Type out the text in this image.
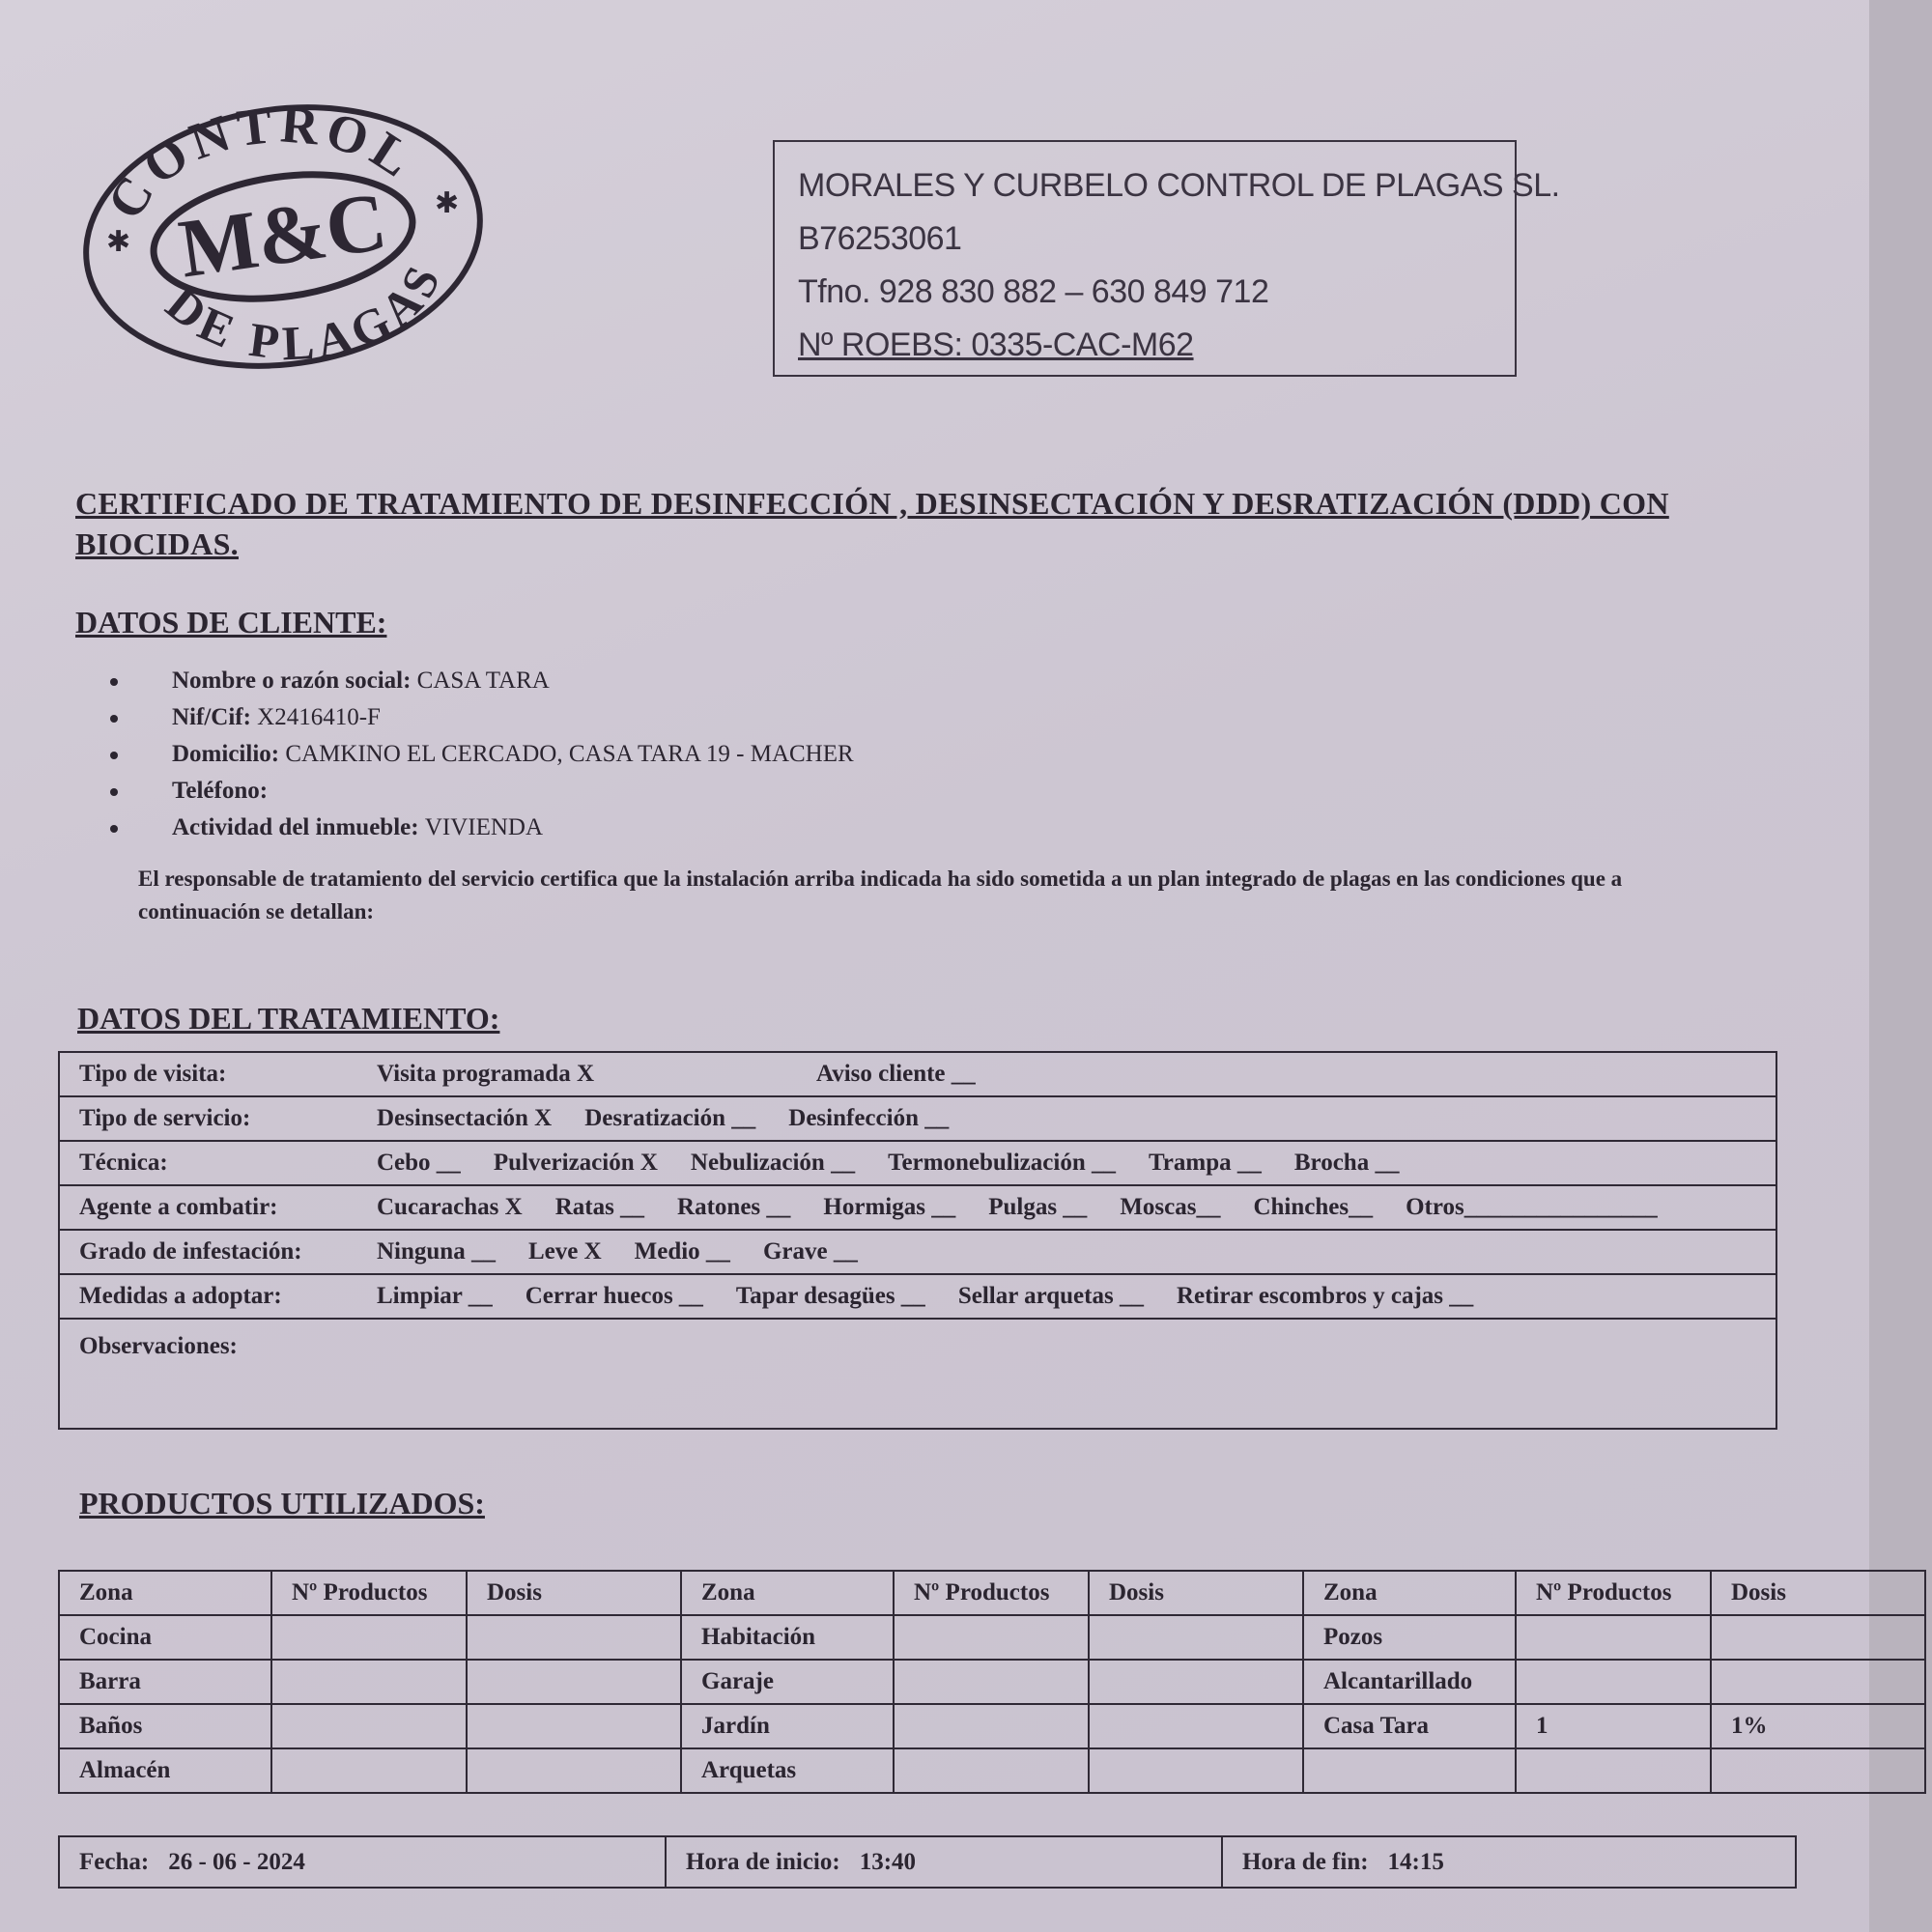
CONTROL
DE PLAGAS
M&C
✱
✱	MORALES Y CURBELO CONTROL DE PLAGAS SL.
B76253061
Tfno. 928 830 882 – 630 849 712
Nº ROEBS: 0335-CAC-M62
CERTIFICADO DE TRATAMIENTO DE DESINFECCIÓN , DESINSECTACIÓN Y DESRATIZACIÓN (DDD) CON BIOCIDAS.
DATOS DE CLIENTE:
Nombre o razón social: CASA TARA
Nif/Cif: X2416410-F
Domicilio: CAMKINO EL CERCADO, CASA TARA 19 - MACHER
Teléfono:
Actividad del inmueble: VIVIENDA
El responsable de tratamiento del servicio certifica que la instalación arriba indicada ha sido sometida a un plan integrado de plagas en las condiciones que a continuación se detallan:
DATOS DEL TRATAMIENTO:
Tipo de visita:	Visita programada X	Aviso cliente __
Tipo de servicio:	Desinsectación X Desratización __ Desinfección __
Técnica:	Cebo __ Pulverización X Nebulización __ Termonebulización __ Trampa __ Brocha __
Agente a combatir:	Cucarachas X Ratas __ Ratones __ Hormigas __ Pulgas __ Moscas__ Chinches__ Otros________________
Grado de infestación:	Ninguna __ Leve X Medio __ Grave __
Medidas a adoptar:	Limpiar __ Cerrar huecos __ Tapar desagües __ Sellar arquetas __ Retirar escombros y cajas __
Observaciones:
PRODUCTOS UTILIZADOS:
Zona	Nº Productos	Dosis	Zona	Nº Productos	Dosis	Zona	Nº Productos	Dosis
Cocina			Habitación			Pozos		
Barra			Garaje			Alcantarillado		
Baños			Jardín			Casa Tara	1	1%
Almacén			Arquetas					
Fecha: 26 - 06 - 2024	Hora de inicio: 13:40	Hora de fin: 14:15
